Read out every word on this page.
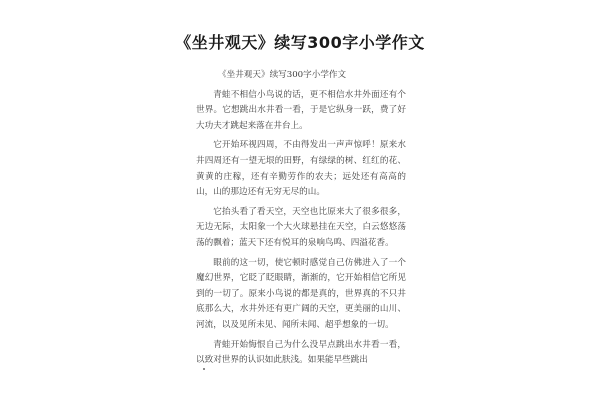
《坐井观天》续写300字小学作文
《坐井观天》续写300字小学作文

青蛙不相信小鸟说的话，更不相信水井外面还有个世界。它想跳出水井看一看，于是它纵身一跃，费了好大功夫才跳起来落在井台上。

它开始环视四周，不由得发出一声声惊呼！原来水井四周还有一望无垠的田野，有绿绿的树、红红的花、黄黄的庄稼，还有辛勤劳作的农夫；远处还有高高的山，山的那边还有无穷无尽的山。

它抬头看了看天空，天空也比原来大了很多很多，无边无际，太阳象一个大火球悬挂在天空，白云悠悠荡荡的飘着；蓝天下还有悦耳的泉响鸟鸣、四溢花香。

眼前的这一切，使它顿时感觉自己仿佛进入了一个魔幻世界，它眨了眨眼睛，渐渐的，它开始相信它所见到的一切了。原来小鸟说的都是真的，世界真的不只井底那么大，水井外还有更广阔的天空，更美丽的山川、河流，以及见所未见、闻所未闻、超乎想象的一切。

青蛙开始悔恨自己为什么没早点跳出水井看一看，以致对世界的认识如此肤浅。如果能早些跳出
